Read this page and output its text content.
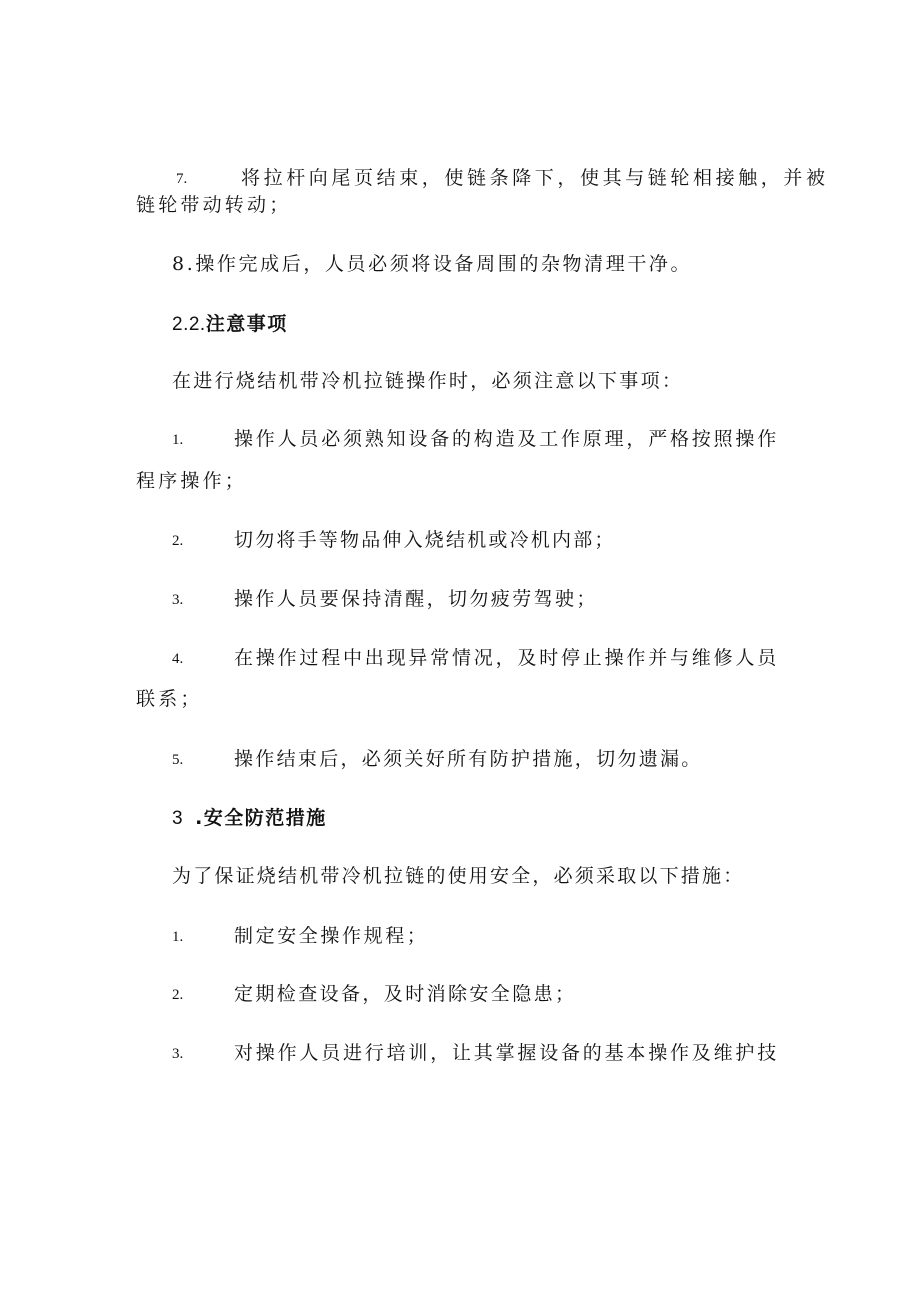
7.	将拉杆向尾页结束，使链条降下，使其与链轮相接触，并被
链轮带动转动；
8.操作完成后，人员必须将设备周围的杂物清理干净。
2.2.注意事项
在进行烧结机带冷机拉链操作时，必须注意以下事项：
1.	操作人员必须熟知设备的构造及工作原理，严格按照操作
程序操作；
2.	切勿将手等物品伸入烧结机或冷机内部；
3.	操作人员要保持清醒，切勿疲劳驾驶；
4.	在操作过程中出现异常情况，及时停止操作并与维修人员
联系；
5.	操作结束后，必须关好所有防护措施，切勿遗漏。
3 .安全防范措施
为了保证烧结机带冷机拉链的使用安全，必须采取以下措施：
1.	制定安全操作规程；
2.	定期检查设备，及时消除安全隐患；
3.	对操作人员进行培训，让其掌握设备的基本操作及维护技
